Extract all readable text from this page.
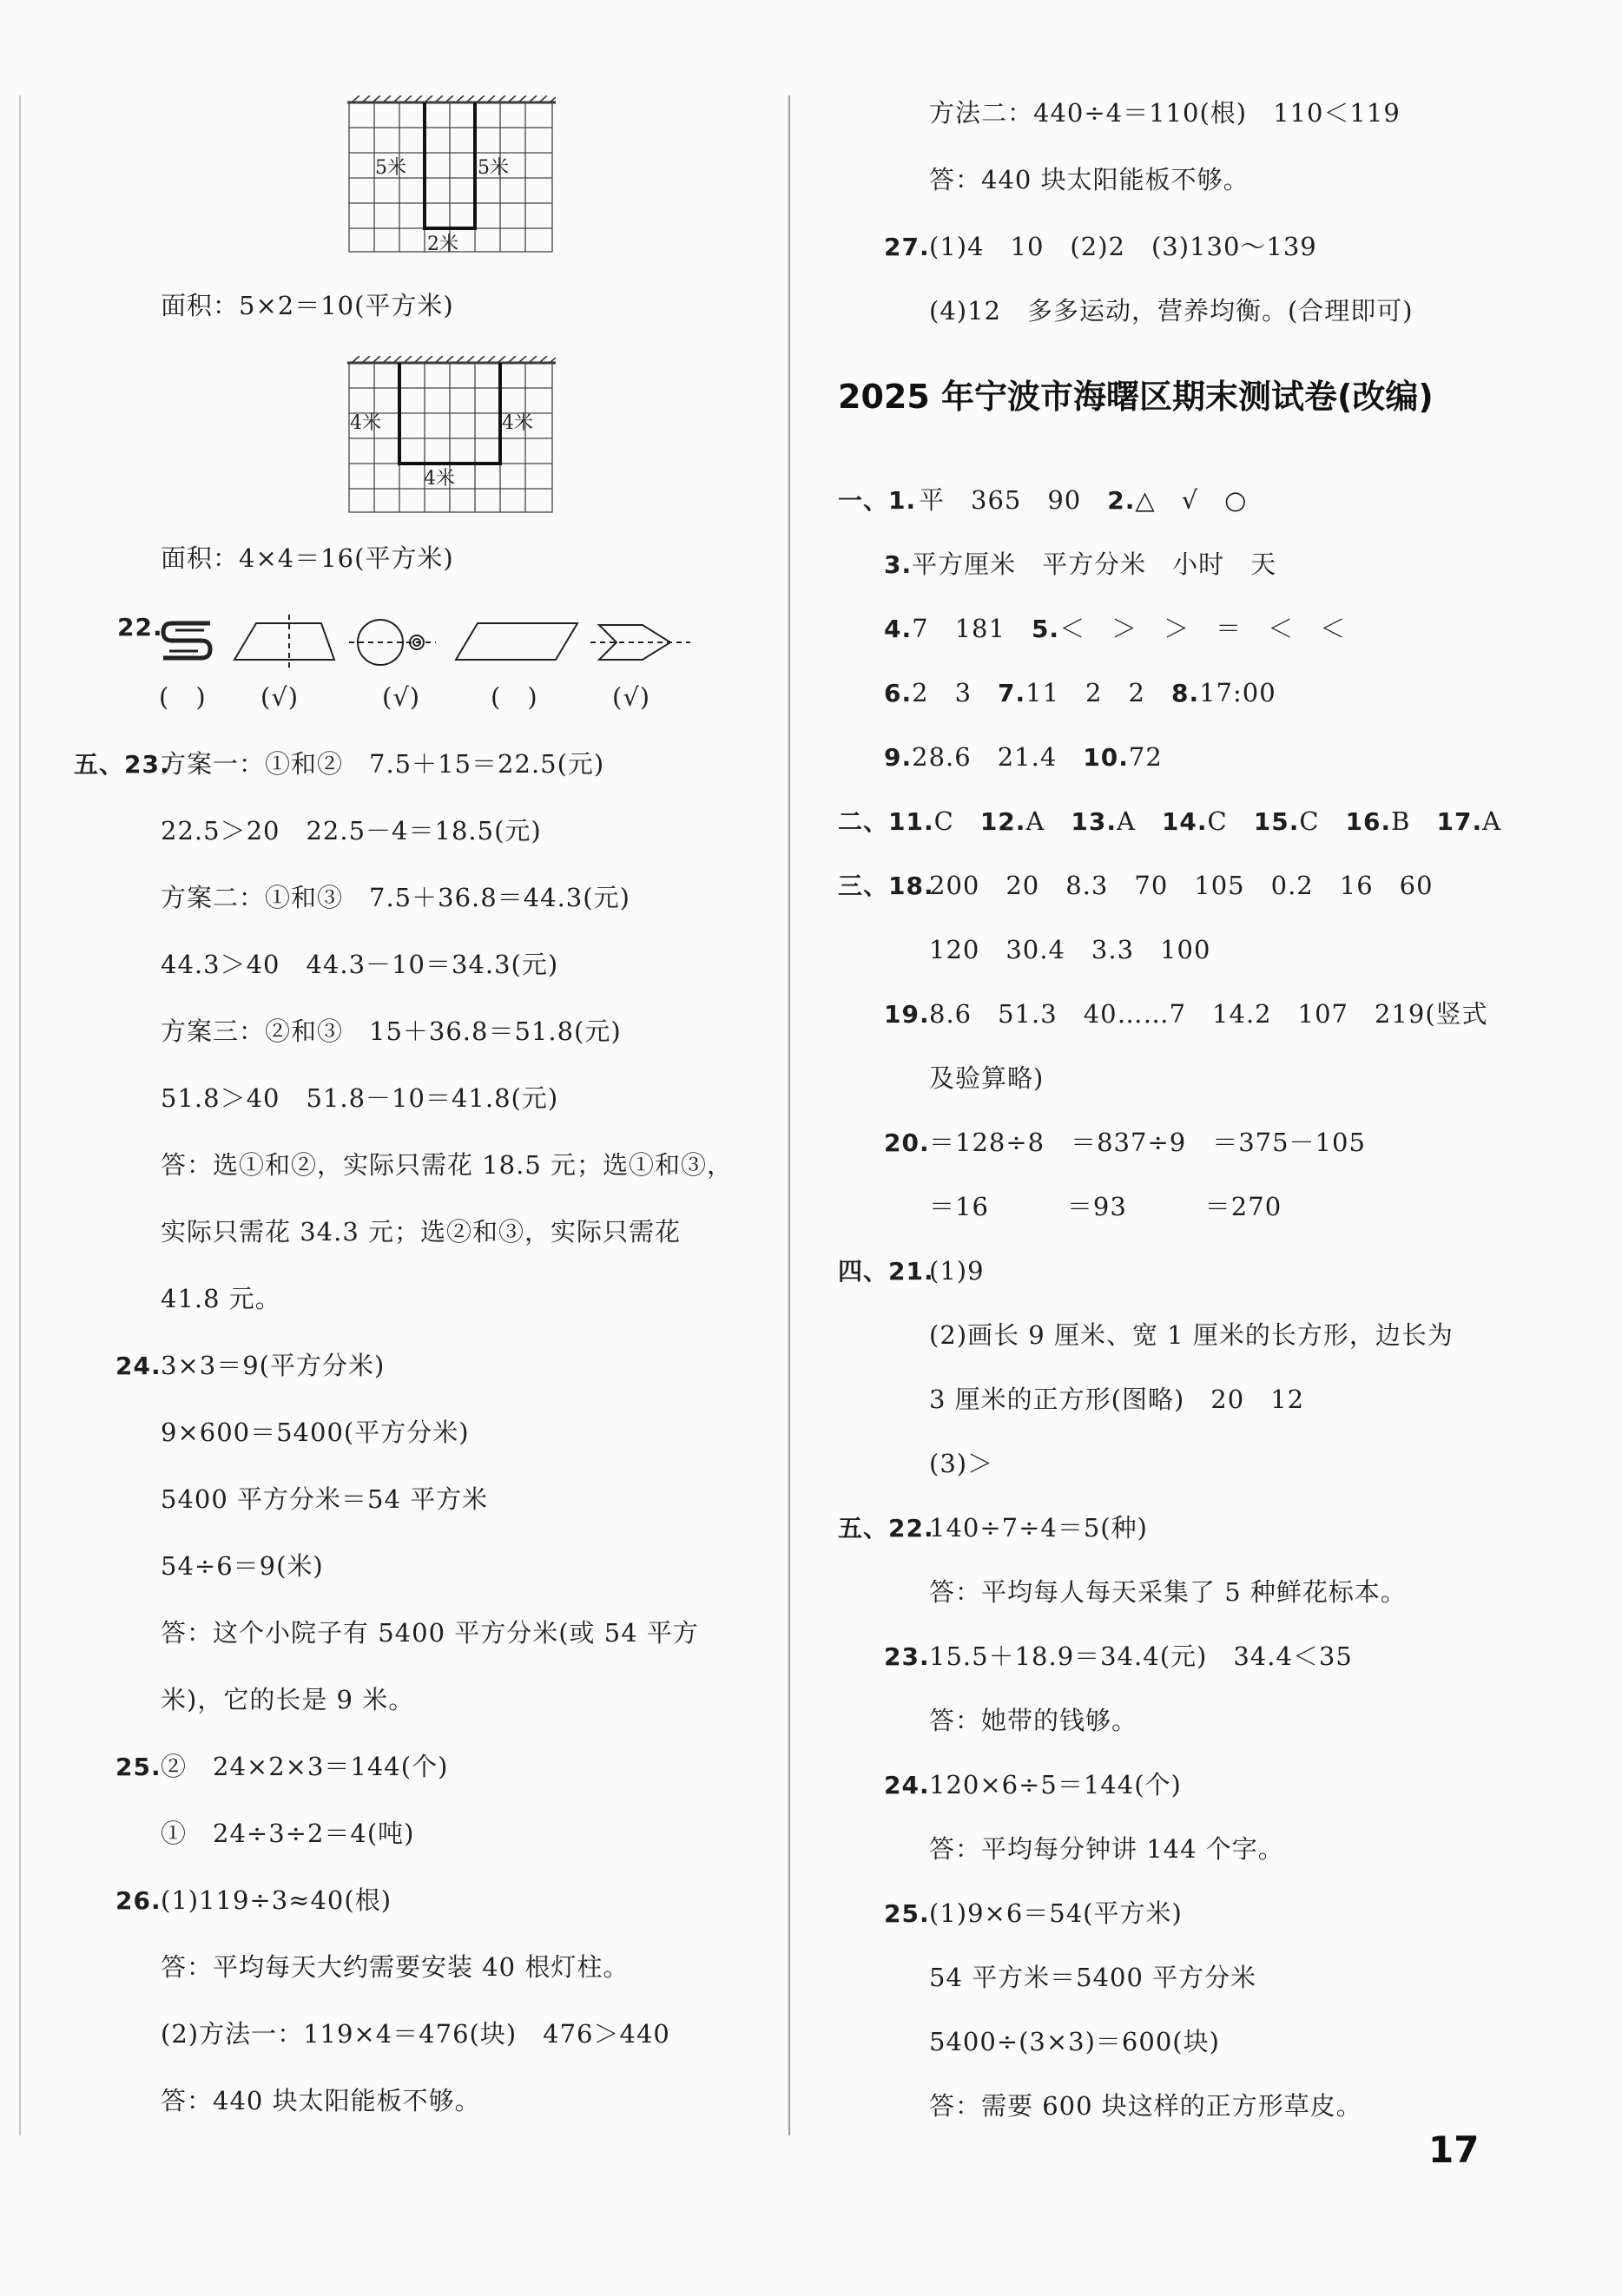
5米	5米
2米
面积：5×2＝10(平方米)
4米	4米
4米
面积：4×4＝16(平方米)
22.
(　) (√)	(√)	(　)	(√)
五、23.
方案一：①和②　7.5＋15＝22.5(元)
22.5＞20　22.5－4＝18.5(元)
方案二：①和③　7.5＋36.8＝44.3(元)
44.3＞40　44.3－10＝34.3(元)
方案三：②和③　15＋36.8＝51.8(元)
51.8＞40　51.8－10＝41.8(元)
答：选①和②，实际只需花 18.5 元；选①和③，
实际只需花 34.3 元；选②和③，实际只需花
41.8 元。
24. 3×3＝9(平方分米)
9×600＝5400(平方分米)
5400 平方分米＝54 平方米
54÷6＝9(米)
答：这个小院子有 5400 平方分米(或 54 平方
米)，它的长是 9 米。
25. ②　24×2×3＝144(个)
①　24÷3÷2＝4(吨)
26. (1)119÷3≈40(根)
答：平均每天大约需要安装 40 根灯柱。
(2)方法一：119×4＝476(块)　476＞440
答：440 块太阳能板不够。
方法二：440÷4＝110(根)　110＜119
答：440 块太阳能板不够。
27. (1)4　10　(2)2　(3)130～139
(4)12　多多运动，营养均衡。(合理即可)
2025 年宁波市海曙区期末测试卷(改编)
一、1. 平　365　90　2.△　√　○
3.平方厘米　平方分米　小时　天
4.7　181　5.＜　＞　＞　＝　＜　＜
6.2　3　7.11　2　2　8.17:00
9.28.6　21.4　10.72
二、11.C　12.A　13.A　14.C　15.C　16.B　17.A
三、18.
200　20　8.3　70　105　0.2　16　60
120　30.4　3.3　100
19. 8.6　51.3　40……7　14.2　107　219(竖式
及验算略)
20. ＝128÷8　＝837÷9　＝375－105
＝16　　　＝93　　　＝270
四、21.
(1)9
(2)画长 9 厘米、宽 1 厘米的长方形，边长为
3 厘米的正方形(图略)　20　12
(3)＞
五、22.
140÷7÷4＝5(种)
答：平均每人每天采集了 5 种鲜花标本。
23. 15.5＋18.9＝34.4(元)　34.4＜35
答：她带的钱够。
24. 120×6÷5＝144(个)
答：平均每分钟讲 144 个字。
25. (1)9×6＝54(平方米)
54 平方米＝5400 平方分米
5400÷(3×3)＝600(块)
答：需要 600 块这样的正方形草皮。
17
